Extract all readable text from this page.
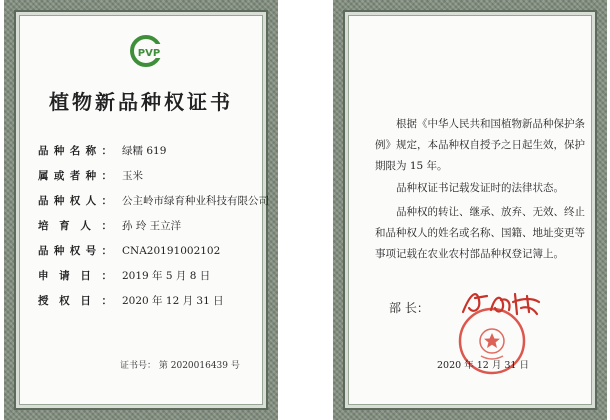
PVP
植物新品种权证书
品 种 名 称 ： 绿糯 619
属 或 者 种 ： 玉米
品 种 权 人 ： 公主岭市绿育种业科技有限公司
培 育 人 ： 孙 玲 王立洋
品 种 权 号 ： CNA20191002102
申 请 日 ： 2019 年 5 月 8 日
授 权 日 ： 2020 年 12 月 31 日
证书号： 第 2020016439 号

根据《中华人民共和国植物新品种保护条例》规定，本品种权自授予之日起生效，保护期限为 15 年。

品种权证书记载发证时的法律状态。

品种权的转让、继承、放弃、无效、终止和品种权人的姓名或名称、国籍、地址变更等事项记载在农业农村部品种权登记簿上。

部 长：
2020 年 12 月 31 日
